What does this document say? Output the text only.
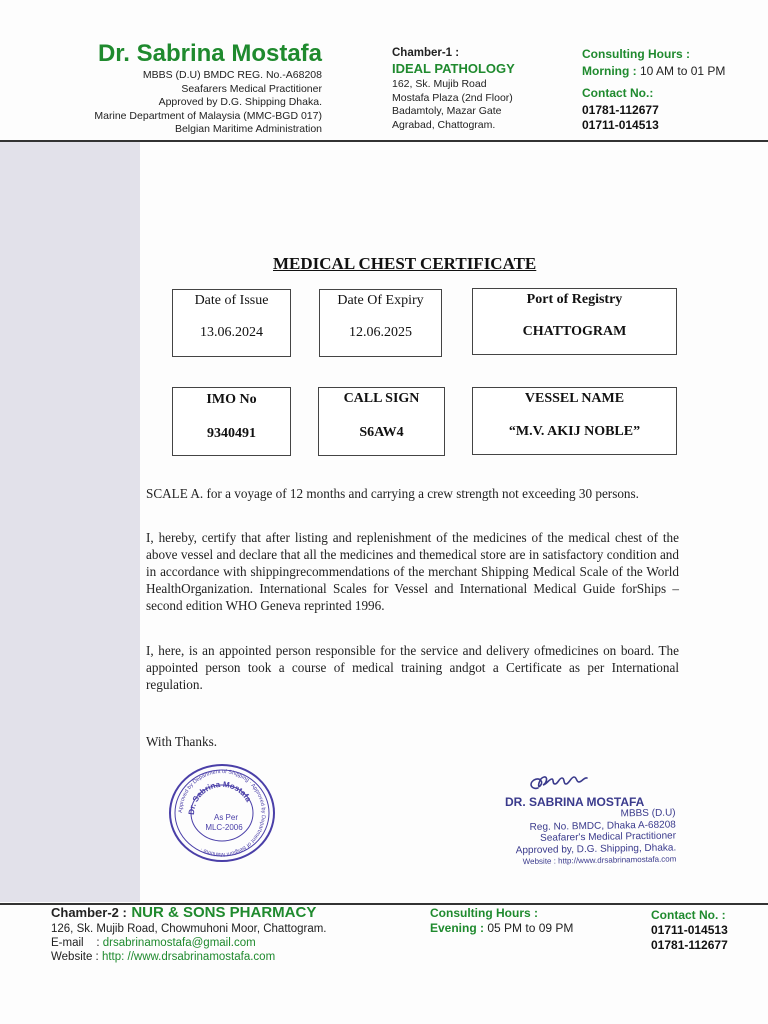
Dr. Sabrina Mostafa
MBBS (D.U) BMDC REG. No.-A68208
Seafarers Medical Practitioner
Approved by D.G. Shipping Dhaka.
Marine Department of Malaysia (MMC-BGD 017)
Belgian Maritime Administration
Chamber-1 :
IDEAL PATHOLOGY
162, Sk. Mujib Road
Mostafa Plaza (2nd Floor)
Badamtoly, Mazar Gate
Agrabad, Chattogram.
Consulting Hours :
Morning : 10 AM to 01 PM
Contact No.:
01781-112677
01711-014513
MEDICAL CHEST CERTIFICATE
Date of Issue
13.06.2024
Date Of Expiry
12.06.2025
Port of Registry
CHATTOGRAM
IMO No
9340491
CALL SIGN
S6AW4
VESSEL NAME
“M.V. AKIJ NOBLE”
SCALE A. for a voyage of 12 months and carrying a crew strength not exceeding 30 persons.
I, hereby, certify that after listing and replenishment of the medicines of the medical chest of the above vessel and declare that all the medicines and themedical store are in satisfactory condition and in accordance with shippingrecommendations of the merchant Shipping Medical Scale of the World HealthOrganization. International Scales for Vessel and International Medical Guide forShips – second edition WHO Geneva reprinted 1996.
I, here, is an appointed person responsible for the service and delivery ofmedicines on board. The appointed person took a course of medical training andgot a Certificate as per International regulation.
With Thanks.
Approved by Department of Shipping · Approved by Department of Belgium Maritime ·
Dr. Sabrina Mostafa
As Per
MLC-2006
DR. SABRINA MOSTAFA
MBBS (D.U)
Reg. No. BMDC, Dhaka A-68208
Seafarer's Medical Practitioner
Approved by, D.G. Shipping, Dhaka.
Website : http://www.drsabrinamostafa.com
Chamber-2 : NUR & SONS PHARMACY
126, Sk. Mujib Road, Chowmuhoni Moor, Chattogram.
E-mail : drsabrinamostafa@gmail.com
Website : http: //www.drsabrinamostafa.com
Consulting Hours :
Evening : 05 PM to 09 PM
Contact No. :
01711-014513
01781-112677
